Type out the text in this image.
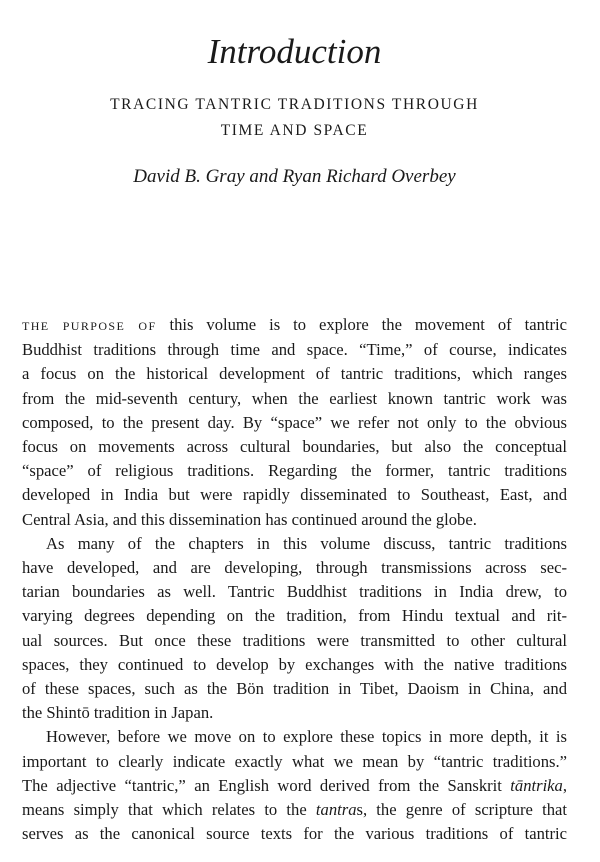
Introduction
TRACING TANTRIC TRADITIONS THROUGH
TIME AND SPACE
David B. Gray and Ryan Richard Overbey

THE PURPOSE OF this volume is to explore the movement of tantric
Buddhist traditions through time and space. “Time,” of course, indicates
a focus on the historical development of tantric traditions, which ranges
from the mid-seventh century, when the earliest known tantric work was
composed, to the present day. By “space” we refer not only to the obvious
focus on movements across cultural boundaries, but also the conceptual
“space” of religious traditions. Regarding the former, tantric traditions
developed in India but were rapidly disseminated to Southeast, East, and
Central Asia, and this dissemination has continued around the globe.

As many of the chapters in this volume discuss, tantric traditions
have developed, and are developing, through transmissions across sec-
tarian boundaries as well. Tantric Buddhist traditions in India drew, to
varying degrees depending on the tradition, from Hindu textual and rit-
ual sources. But once these traditions were transmitted to other cultural
spaces, they continued to develop by exchanges with the native traditions
of these spaces, such as the Bön tradition in Tibet, Daoism in China, and
the Shintō tradition in Japan.

However, before we move on to explore these topics in more depth, it is
important to clearly indicate exactly what we mean by “tantric traditions.”
The adjective “tantric,” an English word derived from the Sanskrit tāntrika,
means simply that which relates to the tantras, the genre of scripture that
serves as the canonical source texts for the various traditions of tantric
